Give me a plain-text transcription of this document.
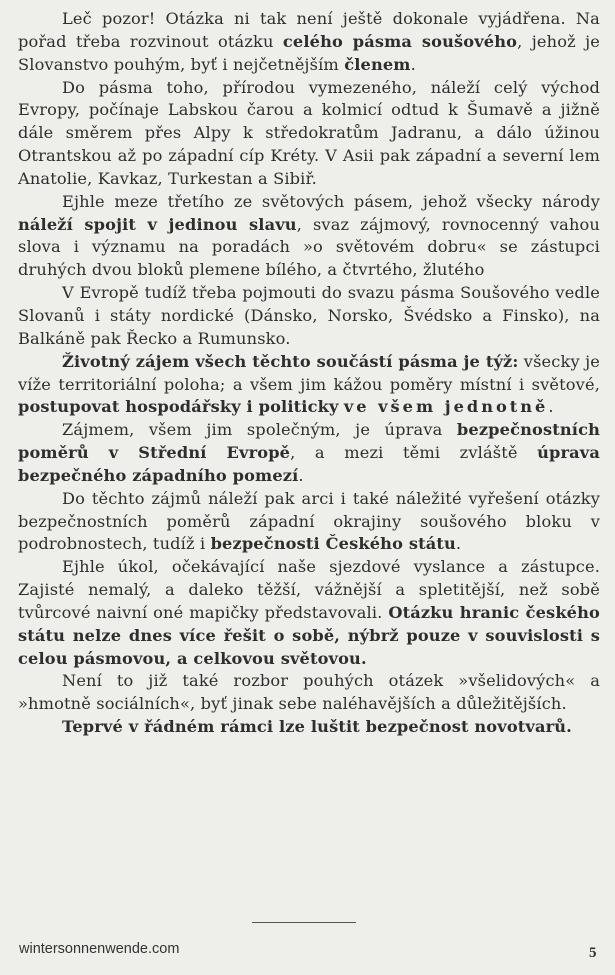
Leč pozor! Otázka ni tak není ještě dokonale vyjádřena. Na pořad třeba rozvinout otázku celého pásma soušového, jehož je Slovanstvo pouhým, byť i nejčetnějším členem.

Do pásma toho, přírodou vymezeného, náleží celý východ Evropy, počínaje Labskou čarou a kolmicí odtud k Šumavě a jižně dále směrem přes Alpy k středokratům Jadranu, a dálo úžinou Otrantskou až po západní cíp Kréty. V Asii pak západní a severní lem Anatolie, Kavkaz, Turkestan a Sibiř.

Ejhle meze třetího ze světových pásem, jehož všecky národy náleží spojit v jedinou slavu, svaz zájmový, rovnocenný vahou slova i významu na poradách »o světovém dobru« se zástupci druhých dvou bloků plemene bílého, a čtvrtého, žlutého

V Evropě tudíž třeba pojmouti do svazu pásma Soušového vedle Slovanů i státy nordické (Dánsko, Norsko, Švédsko a Finsko), na Balkáně pak Řecko a Rumunsko.

Životný zájem všech těchto součástí pásma je týž: všecky je víže territoriální poloha; a všem jim kážou poměry místní i světové, postupovat hospodářsky i politicky ve všem jednotně.

Zájmem, všem jim společným, je úprava bezpečnostních poměrů v Střední Evropě, a mezi těmi zvláště úprava bezpečného západního pomezí.

Do těchto zájmů náleží pak arci i také náležité vyřešení otázky bezpečnostních poměrů západní okrajiny soušového bloku v podrobnostech, tudíž i bezpečnosti Českého státu.

Ejhle úkol, očekávající naše sjezdové vyslance a zástupce. Zajisté nemalý, a daleko těžší, vážnější a spletitější, než sobě tvůrcové naivní oné mapičky představovali. Otázku hranic českého státu nelze dnes více řešit o sobě, nýbrž pouze v souvislosti s celou pásmovou, a celkovou světovou.

Není to již také rozbor pouhých otázek »všelidových« a »hmotně sociálních«, byť jinak sebe naléhavějších a důležitějších.

Teprvé v řádném rámci lze luštit bezpečnost novotvarů.

wintersonnenwende.com	5
